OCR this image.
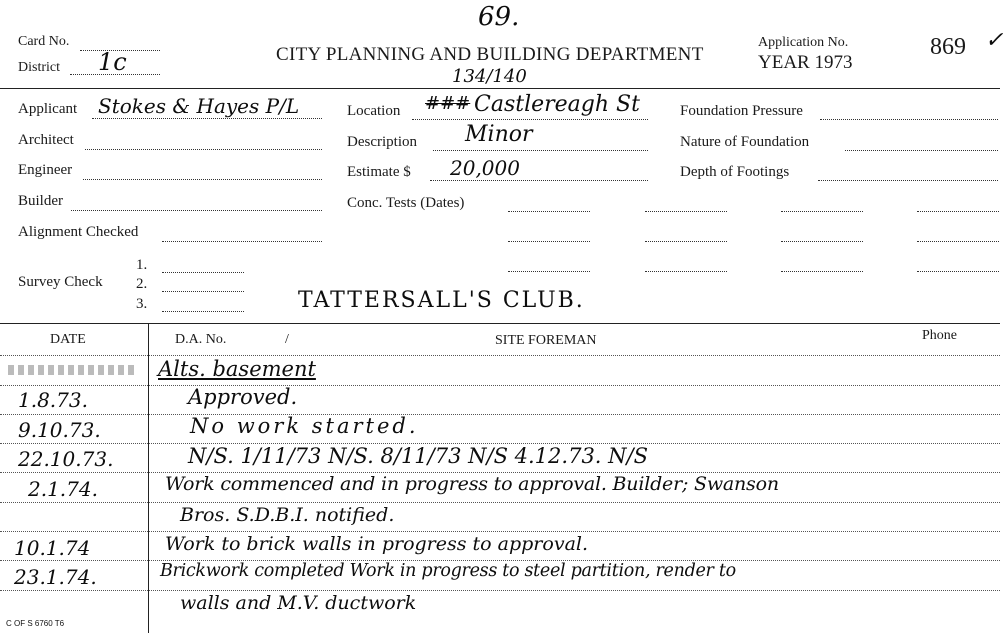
69.
Card No.
District 1c	CITY PLANNING AND BUILDING DEPARTMENT
Application No.
YEAR 1973
869 ✓
Applicant Stokes & Hayes P/L
Architect
Engineer
Builder
Alignment Checked
Survey Check
1.
2.
3.
Location ###
134/140
Castlereagh St
Description Minor
Estimate $ 20,000
Conc. Tests (Dates)
Foundation Pressure
Nature of Foundation
Depth of Footings
TATTERSALL'S CLUB.
DATE	D.A. No.	/	SITE FOREMAN	Phone
Alts. basement
1.8.73.	Approved.
9.10.73.	No work started.
22.10.73.	N/S. 1/11/73 N/S. 8/11/73 N/S 4.12.73. N/S
2.1.74.	Work commenced and in progress to approval. Builder; Swanson
Bros. S.D.B.I. notified.
10.1.74	Work to brick walls in progress to approval.
23.1.74.	Brickwork completed Work in progress to steel partition, render to
walls and M.V. ductwork
C OF S 6760 T6
